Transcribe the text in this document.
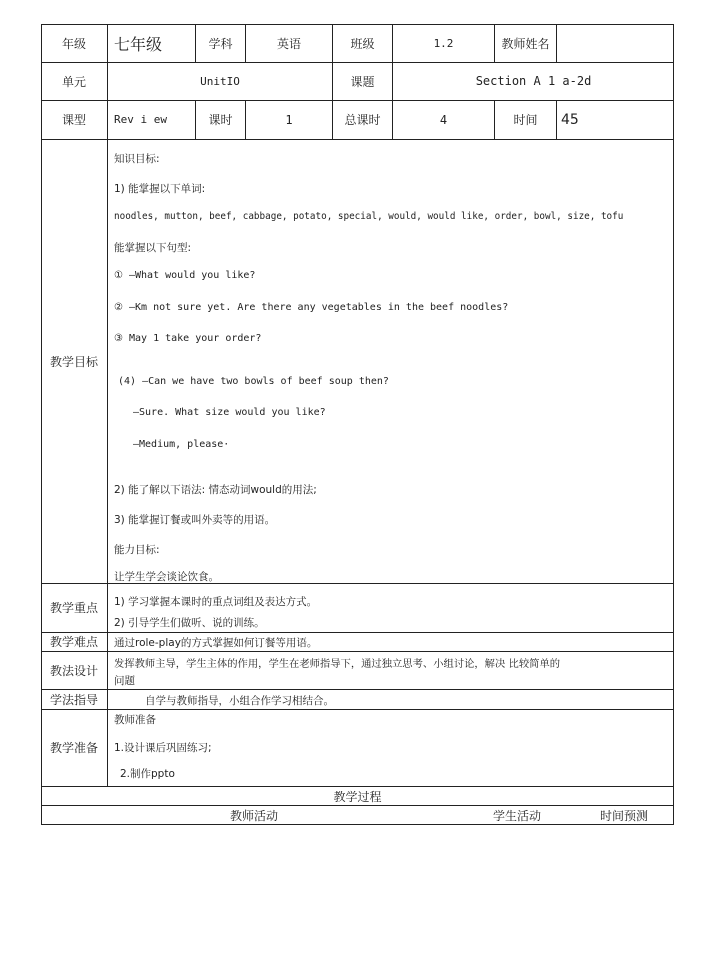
年级	七年级	学科	英语	班级	1.2	教师姓名
单元	UnitIO	课题	Section A 1 a-2d
课型	Rev i ew	课时	1	总课时	4	时间	45
教学目标
知识目标:
1) 能掌握以下单词:
noodles, mutton, beef, cabbage, potato, special, would, would like, order, bowl, size, tofu
能掌握以下句型:
① —What would you like?
② —Km not sure yet. Are there any vegetables in the beef noodles?
③ May 1 take your order?
(4) —Can we have two bowls of beef soup then?
—Sure. What size would you like?
—Medium, please·
2) 能了解以下语法: 情态动词would的用法;
3) 能掌握订餐或叫外卖等的用语。
能力目标:
让学生学会谈论饮食。
教学重点	1) 学习掌握本课时的重点词组及表达方式。
2) 引导学生们做听、说的训练。
教学难点	通过role-play的方式掌握如何订餐等用语。
教法设计	发挥教师主导，学生主体的作用，学生在老师指导下，通过独立思考、小组讨论，解决 比较简单的
问题
学法指导	自学与教师指导，小组合作学习相结合。
教学准备
教师准备
1.设计课后巩固练习;
2.制作ppto
教学过程
教师活动	学生活动	时间预测
